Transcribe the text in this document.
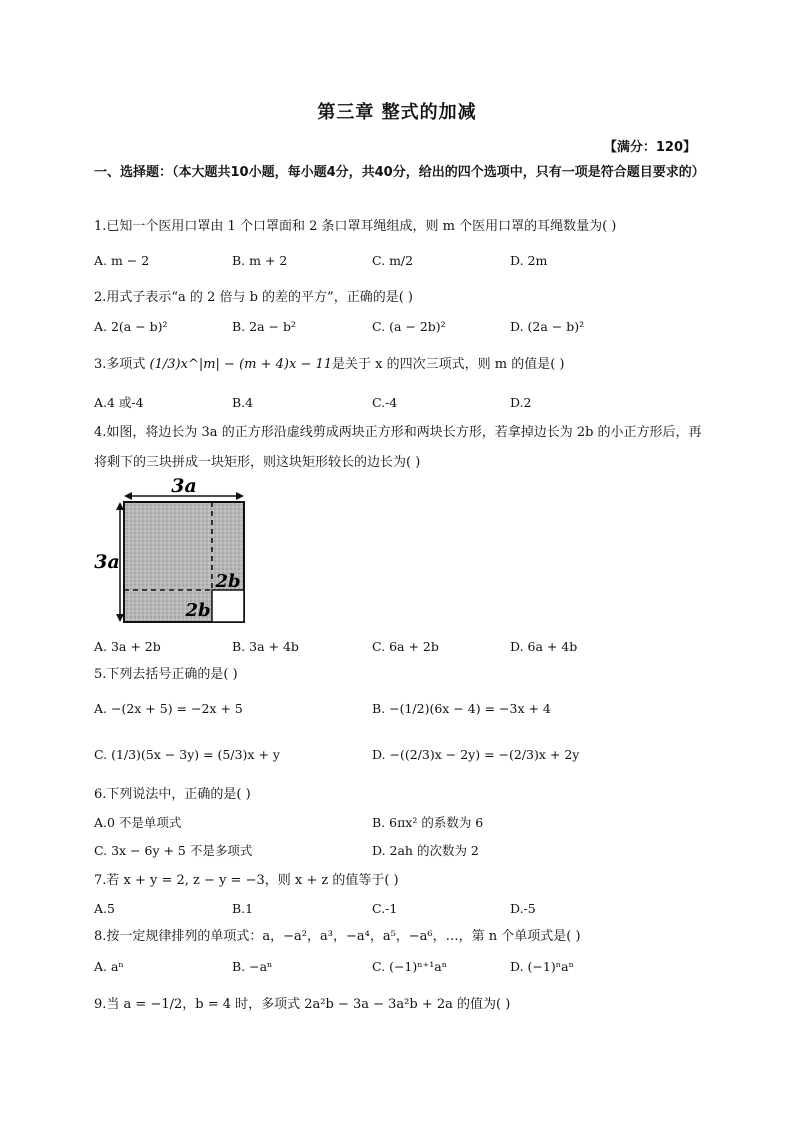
第三章 整式的加减
【满分：120】
一、选择题：（本大题共10小题，每小题4分，共40分，给出的四个选项中，只有一项是符合题目要求的）
1.已知一个医用口罩由 1 个口罩面和 2 条口罩耳绳组成，则 m 个医用口罩的耳绳数量为( )
A. m − 2	B. m + 2	C. m/2	D. 2m
2.用式子表示“a 的 2 倍与 b 的差的平方”，正确的是( )
A. 2(a − b)²	B. 2a − b²	C. (a − 2b)²	D. (2a − b)²
3.多项式 (1/3)x^|m| − (m + 4)x − 11是关于 x 的四次三项式，则 m 的值是( )
A.4 或-4	B.4	C.-4	D.2
4.如图，将边长为 3a 的正方形沿虚线剪成两块正方形和两块长方形，若拿掉边长为 2b 的小正方形后，再将剩下的三块拼成一块矩形，则这块矩形较长的边长为( )
3a
3a
2b
2b
A. 3a + 2b	B. 3a + 4b	C. 6a + 2b	D. 6a + 4b
5.下列去括号正确的是( )
A. −(2x + 5) = −2x + 5	B. −(1/2)(6x − 4) = −3x + 4
C. (1/3)(5x − 3y) = (5/3)x + y	D. −((2/3)x − 2y) = −(2/3)x + 2y
6.下列说法中，正确的是( )
A.0 不是单项式	B. 6πx² 的系数为 6
C. 3x − 6y + 5 不是多项式	D. 2ah 的次数为 2
7.若 x + y = 2, z − y = −3，则 x + z 的值等于( )
A.5	B.1	C.-1	D.-5
8.按一定规律排列的单项式：a，−a²，a³，−a⁴，a⁵，−a⁶，…，第 n 个单项式是( )
A. aⁿ	B. −aⁿ	C. (−1)ⁿ⁺¹aⁿ	D. (−1)ⁿaⁿ
9.当 a = −1/2，b = 4 时，多项式 2a²b − 3a − 3a²b + 2a 的值为( )
